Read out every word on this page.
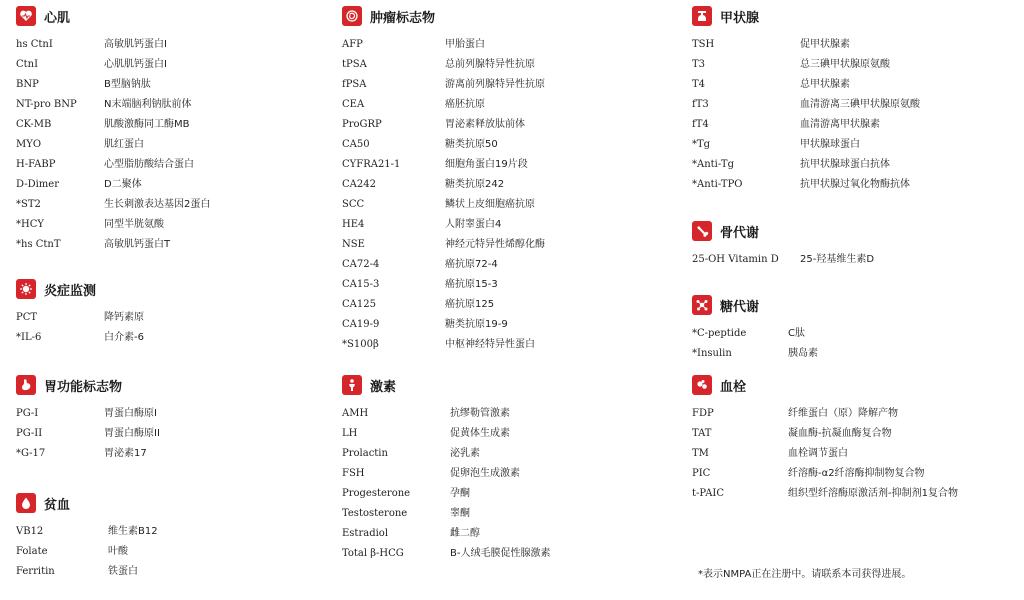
心肌
hs CtnI	高敏肌钙蛋白I
CtnI	心肌肌钙蛋白I
BNP	B型脑钠肽
NT-pro BNP	N末端脑利钠肽前体
CK-MB	肌酸激酶同工酶MB
MYO	肌红蛋白
H-FABP	心型脂肪酸结合蛋白
D-Dimer	D二聚体
*ST2	生长刺激表达基因2蛋白
*HCY	同型半胱氨酸
*hs CtnT	高敏肌钙蛋白T
炎症监测
PCT	降钙素原
*IL-6	白介素-6
胃功能标志物
PG-I	胃蛋白酶原I
PG-II	胃蛋白酶原II
*G-17	胃泌素17
贫血
VB12	维生素B12
Folate	叶酸
Ferritin	铁蛋白
肿瘤标志物
AFP	甲胎蛋白
tPSA	总前列腺特异性抗原
fPSA	游离前列腺特异性抗原
CEA	癌胚抗原
ProGRP	胃泌素释放肽前体
CA50	糖类抗原50
CYFRA21-1	细胞角蛋白19片段
CA242	糖类抗原242
SCC	鳞状上皮细胞癌抗原
HE4	人附睾蛋白4
NSE	神经元特异性烯醇化酶
CA72-4	癌抗原72-4
CA15-3	癌抗原15-3
CA125	癌抗原125
CA19-9	糖类抗原19-9
*S100β	中枢神经特异性蛋白
激素
AMH	抗缪勒管激素
LH	促黄体生成素
Prolactin	泌乳素
FSH	促卵泡生成激素
Progesterone	孕酮
Testosterone	睾酮
Estradiol	雌二醇
Total β-HCG	B-人绒毛膜促性腺激素
甲状腺
TSH	促甲状腺素
T3	总三碘甲状腺原氨酸
T4	总甲状腺素
fT3	血清游离三碘甲状腺原氨酸
fT4	血清游离甲状腺素
*Tg	甲状腺球蛋白
*Anti-Tg	抗甲状腺球蛋白抗体
*Anti-TPO	抗甲状腺过氧化物酶抗体
骨代谢
25-OH Vitamin D 25-羟基维生素D
糖代谢
*C-peptide	C肽
*Insulin	胰岛素
血栓
FDP	纤维蛋白（原）降解产物
TAT	凝血酶-抗凝血酶复合物
TM	血栓调节蛋白
PIC	纤溶酶-α2纤溶酶抑制物复合物
t-PAIC	组织型纤溶酶原激活剂-抑制剂1复合物
*表示NMPA正在注册中。请联系本司获得进展。
